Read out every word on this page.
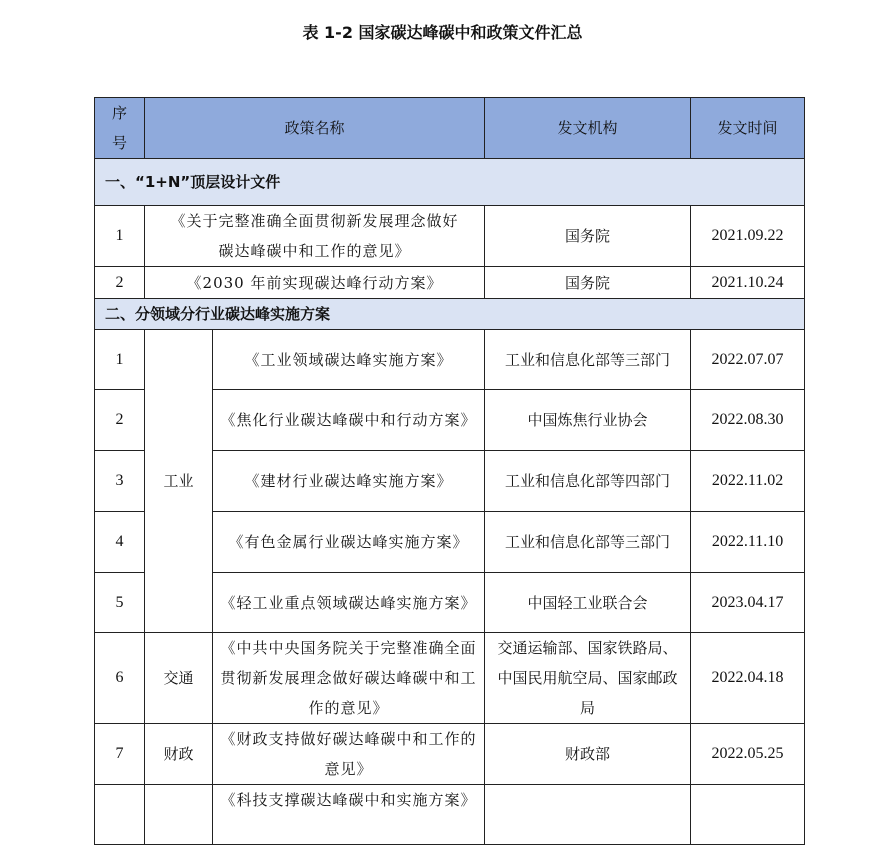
表 1-2 国家碳达峰碳中和政策文件汇总
序号	政策名称		发文机构	发文时间
一、“1+N”顶层设计文件				
1	《关于完整准确全面贯彻新发展理念做好碳达峰碳中和工作的意见》		国务院	2021.09.22
2	《2030 年前实现碳达峰行动方案》		国务院	2021.10.24
二、分领域分行业碳达峰实施方案				
1	工业	《工业领域碳达峰实施方案》	工业和信息化部等三部门	2022.07.07
2		《焦化行业碳达峰碳中和行动方案》	中国炼焦行业协会	2022.08.30
3		《建材行业碳达峰实施方案》	工业和信息化部等四部门	2022.11.02
4		《有色金属行业碳达峰实施方案》	工业和信息化部等三部门	2022.11.10
5		《轻工业重点领域碳达峰实施方案》	中国轻工业联合会	2023.04.17
6	交通	《中共中央国务院关于完整准确全面贯彻新发展理念做好碳达峰碳中和工作的意见》	交通运输部、国家铁路局、中国民用航空局、国家邮政局	2022.04.18
7	财政	《财政支持做好碳达峰碳中和工作的意见》	财政部	2022.05.25
		《科技支撑碳达峰碳中和实施方案》		
